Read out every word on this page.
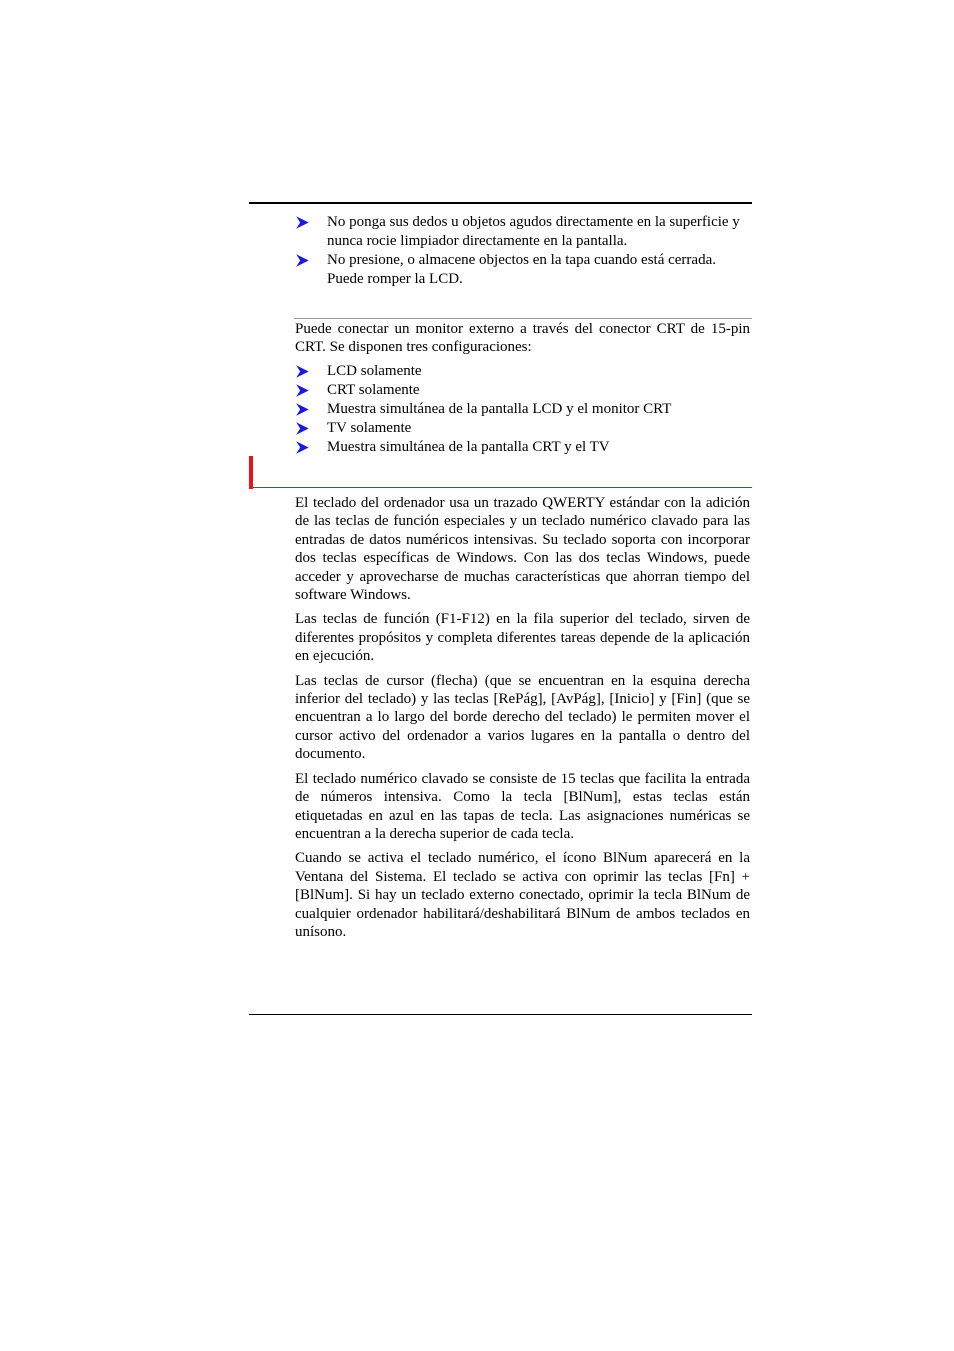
No ponga sus dedos u objetos agudos directamente en la superficie y nunca rocie limpiador directamente en la pantalla.
No presione, o almacene objectos en la tapa cuando está cerrada. Puede romper la LCD.

Puede conectar un monitor externo a través del conector CRT de 15-pin CRT. Se disponen tres configuraciones:

LCD solamente
CRT solamente
Muestra simultánea de la pantalla LCD y el monitor CRT
TV solamente
Muestra simultánea de la pantalla CRT y el TV

El teclado del ordenador usa un trazado QWERTY estándar con la adición de las teclas de función especiales y un teclado numérico clavado para las entradas de datos numéricos intensivas. Su teclado soporta con incorporar dos teclas específicas de Windows. Con las dos teclas Windows, puede acceder y aprovecharse de muchas características que ahorran tiempo del software Windows.

Las teclas de función (F1-F12) en la fila superior del teclado, sirven de diferentes propósitos y completa diferentes tareas depende de la aplicación en ejecución.

Las teclas de cursor (flecha) (que se encuentran en la esquina derecha inferior del teclado) y las teclas [RePág], [AvPág], [Inicio] y [Fin] (que se encuentran a lo largo del borde derecho del teclado) le permiten mover el cursor activo del ordenador a varios lugares en la pantalla o dentro del documento.

El teclado numérico clavado se consiste de 15 teclas que facilita la entrada de números intensiva. Como la tecla [BlNum], estas teclas están etiquetadas en azul en las tapas de tecla. Las asignaciones numéricas se encuentran a la derecha superior de cada tecla.

Cuando se activa el teclado numérico, el ícono BlNum aparecerá en la Ventana del Sistema. El teclado se activa con oprimir las teclas [Fn] + [BlNum]. Si hay un teclado externo conectado, oprimir la tecla BlNum de cualquier ordenador habilitará/deshabilitará BlNum de ambos teclados en unísono.
